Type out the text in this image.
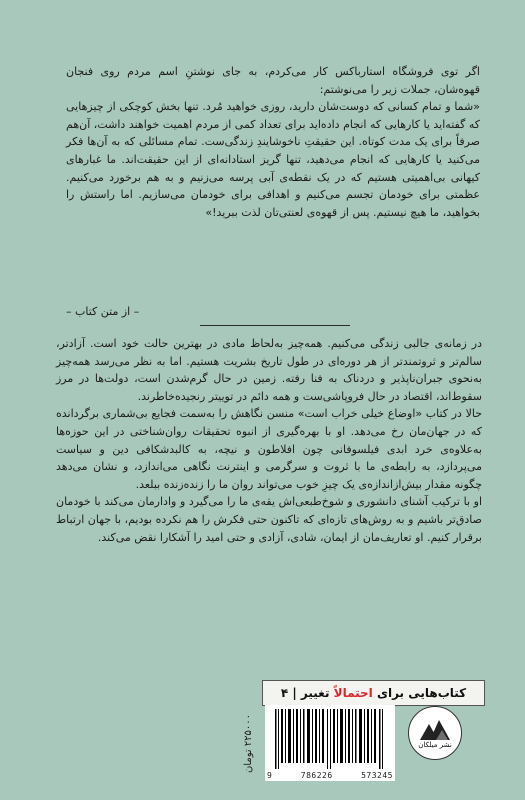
اگر توی فروشگاه استارباکس کار می‌کردم، به جای نوشتنِ اسم مردم روی فنجان قهوه‌شان، جملات زیر را می‌نوشتم:

«شما و تمام کسانی که دوست‌شان دارید، روزی خواهید مُرد. تنها بخش کوچکی از چیزهایی که گفته‌اید یا کارهایی که انجام داده‌اید برای تعداد کمی از مردم اهمیت خواهند داشت، آن‌هم صرفاً برای یک مدت کوتاه. این حقیقتِ ناخوشایندِ زندگی‌ست. تمام مسائلی که به آن‌ها فکر می‌کنید یا کارهایی که انجام می‌دهید، تنها گریز استادانه‌ای از این حقیقت‌اند. ما غبارهای کیهانی بی‌اهمیتی هستیم که در یک نقطه‌ی آبی پرسه می‌زنیم و به هم برخورد می‌کنیم. عظمتی برای خودمان تجسم می‌کنیم و اهدافی برای خودمان می‌سازیم. اما راستش را بخواهید، ما هیچ نیستیم. پس از قهوه‌ی لعنتی‌تان لذت ببرید!»

– از متن کتاب –

در زمانه‌ی جالبی زندگی می‌کنیم. همه‌چیز به‌لحاظ مادی در بهترین حالت خود است. آزادتر، سالم‌تر و ثروتمندتر از هر دوره‌ای در طول تاریخ بشریت هستیم. اما به نظر می‌رسد همه‌چیز به‌نحوی جبران‌ناپذیر و دردناک به فنا رفته. زمین در حال گرم‌شدن است، دولت‌ها در مرز سقوط‌اند، اقتصاد در حال فروپاشی‌ست و همه دائم در توییتر رنجیده‌خاطرند.

حالا در کتاب «اوضاع خیلی خراب است» منسن نگاهش را به‌سمت فجایع بی‌شماری برگردانده که در جهان‌مان رخ می‌دهد. او با بهره‌گیری از انبوه تحقیقات روان‌شناختی در این حوزه‌ها به‌علاوه‌ی خرد ابدی فیلسوفانی چون افلاطون و نیچه، به کالبدشکافی دین و سیاست می‌پردازد، به رابطه‌ی ما با ثروت و سرگرمی و اینترنت نگاهی می‌اندازد، و نشان می‌دهد چگونه مقدار بیش‌ازاندازه‌ی یک چیزِ خوب می‌تواند روان ما را زنده‌زنده ببلعد.

او با ترکیب آشنای دانشوری و شوخ‌طبعی‌اش یقه‌ی ما را می‌گیرد و وادارمان می‌کند با خودمان صادق‌تر باشیم و به روش‌های تازه‌ای که تاکنون حتی فکرش را هم نکرده بودیم، با جهان ارتباط برقرار کنیم. او تعاریف‌مان از ایمان، شادی، آزادی و حتی امید را آشکارا نقض می‌کند.

کتاب‌هایی برای

احتمالاً

تغییر
|
۴
نشر میلکان
9	786226	573245
۲۲۵۰۰۰ تومان
